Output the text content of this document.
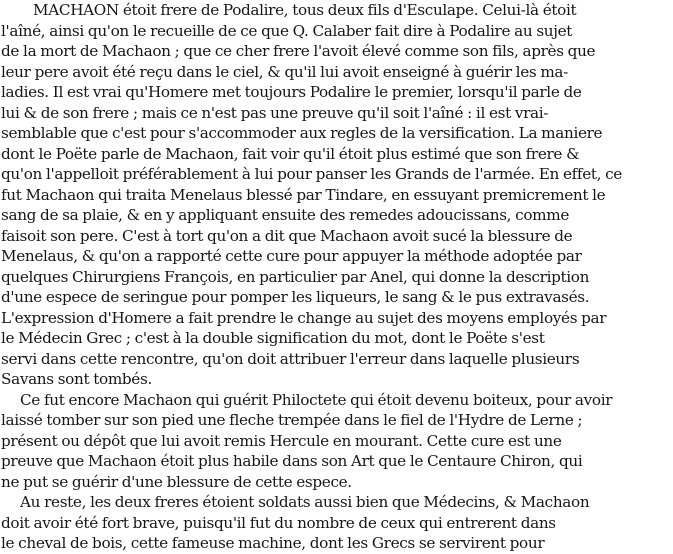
MACHAON étoit frere de Podalire, tous deux fils d'Esculape. Celui-là étoit
l'aîné, ainsi qu'on le recueille de ce que Q. Calaber fait dire à Podalire au sujet
de la mort de Machaon ; que ce cher frere l'avoit élevé comme son fils, après que
leur pere avoit été reçu dans le ciel, & qu'il lui avoit enseigné à guérir les ma-
ladies. Il est vrai qu'Homere met toujours Podalire le premier, lorsqu'il parle de
lui & de son frere ; mais ce n'est pas une preuve qu'il soit l'aîné : il est vrai-
semblable que c'est pour s'accommoder aux regles de la versification. La maniere
dont le Poëte parle de Machaon, fait voir qu'il étoit plus estimé que son frere &
qu'on l'appelloit préférablement à lui pour panser les Grands de l'armée. En effet, ce
fut Machaon qui traita Menelaus blessé par Tindare, en essuyant premicrement le
sang de sa plaie, & en y appliquant ensuite des remedes adoucissans, comme
faisoit son pere. C'est à tort qu'on a dit que Machaon avoit sucé la blessure de
Menelaus, & qu'on a rapporté cette cure pour appuyer la méthode adoptée par
quelques Chirurgiens François, en particulier par Anel, qui donne la description
d'une espece de seringue pour pomper les liqueurs, le sang & le pus extravasés.
L'expression d'Homere a fait prendre le change au sujet des moyens employés par
le Médecin Grec ; c'est à la double signification du mot, dont le Poëte s'est
servi dans cette rencontre, qu'on doit attribuer l'erreur dans laquelle plusieurs
Savans sont tombés.
Ce fut encore Machaon qui guérit Philoctete qui étoit devenu boiteux, pour avoir
laissé tomber sur son pied une fleche trempée dans le fiel de l'Hydre de Lerne ;
présent ou dépôt que lui avoit remis Hercule en mourant. Cette cure est une
preuve que Machaon étoit plus habile dans son Art que le Centaure Chiron, qui
ne put se guérir d'une blessure de cette espece.
Au reste, les deux freres étoient soldats aussi bien que Médecins, & Machaon
doit avoir été fort brave, puisqu'il fut du nombre de ceux qui entrerent dans
le cheval de bois, cette fameuse machine, dont les Grecs se servirent pour
